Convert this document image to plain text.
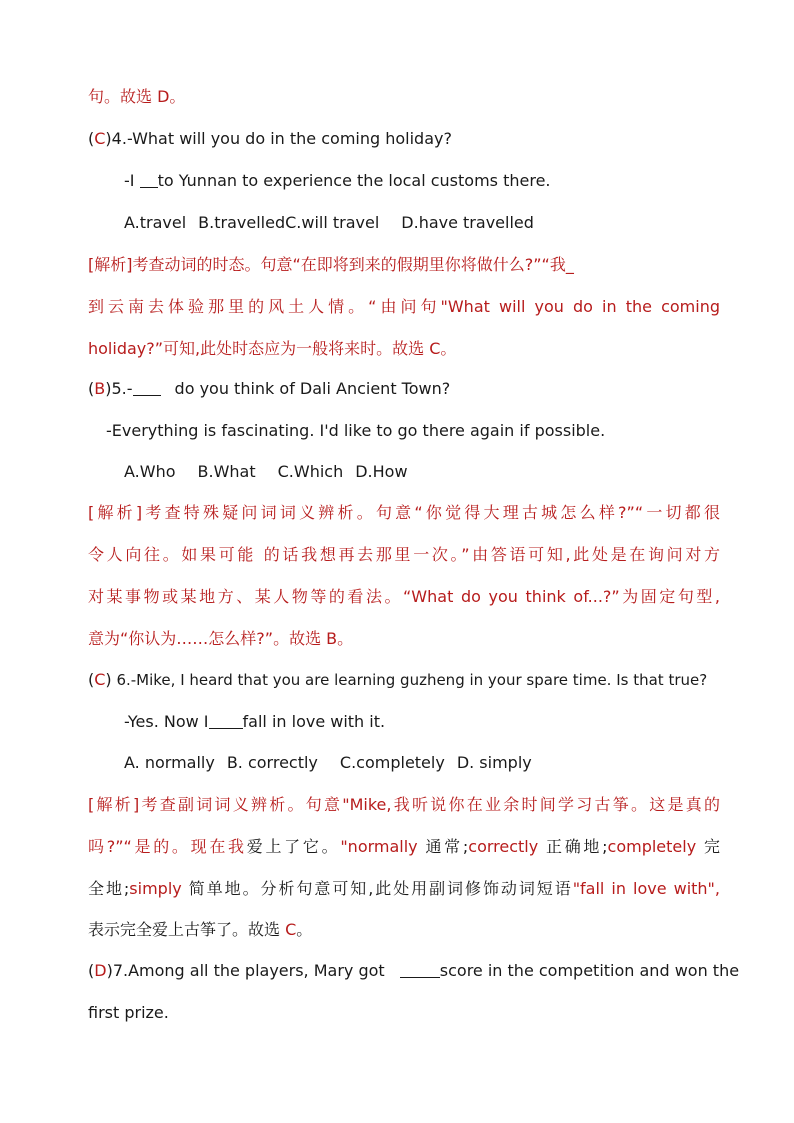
句。故选 D。
(C)4.-What will you do in the coming holiday?
-I to Yunnan to experience the local customs there.
A.travel B.travelledC.will travel D.have travelled
[解析]考查动词的时态。句意“在即将到来的假期里你将做什么?”“我_
到云南去体验那里的风土人情。“由问句"What will you do in the coming
holiday?”可知,此处时态应为一般将来时。故选 C。
(B)5.-	do you think of Dali Ancient Town?
-Everything is fascinating. I'd like to go there again if possible.
A.Who B.What C.Which D.How
[解析]考查特殊疑问词词义辨析。句意“你觉得大理古城怎么样?”“一切都很
令人向往。如果可能 的话我想再去那里一次。”由答语可知,此处是在询问对方
对某事物或某地方、某人物等的看法。“What do you think of...?”为固定句型,
意为“你认为……怎么样?”。故选 B。
(C) 6.-Mike, I heard that you are learning guzheng in your spare time. Is that true?
-Yes. Now I fall in love with it.
A. normally B. correctly C.completely D. simply
[解析]考查副词词义辨析。句意"Mike,我听说你在业余时间学习古筝。这是真的
吗?”“是的。现在我爱上了它。"normally 通常;correctly 正确地;completely 完
全地;simply 简单地。分析句意可知,此处用副词修饰动词短语"fall in love with",
表示完全爱上古筝了。故选 C。
(D)7.Among all the players, Mary got	score in the competition and won the
first prize.
